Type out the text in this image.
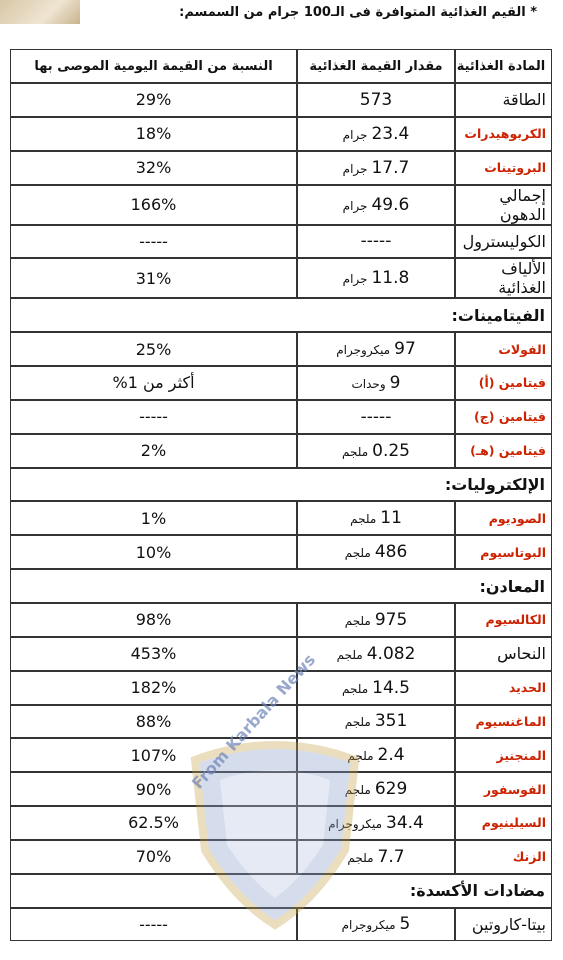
* القيم الغذائية المتوافرة فى الـ100 جرام من السمسم:
المادة الغذائية	مقدار القيمة الغذائية	النسبة من القيمة اليومية الموصى بها
الطاقة	573	29%
الكربوهيدرات	23.4جرام	18%
البروتينات	17.7جرام	32%
إجمالي الدهون	49.6جرام	166%
الكوليسترول	-----	-----
الألياف الغذائية	11.8جرام	31%
الفيتامينات:		
الفولات	97ميكروجرام	25%
فيتامين (أ)	9وحدات	أكثر من 1%
فيتامين (ج)	-----	-----
فيتامين (هـ)	0.25ملجم	2%
الإلكتروليات:		
الصوديوم	11ملجم	1%
البوتاسيوم	486ملجم	10%
المعادن:		
الكالسيوم	975ملجم	98%
النحاس	4.082ملجم	453%
الحديد	14.5ملجم	182%
الماغنسيوم	351ملجم	88%
المنجنيز	2.4ملجم	107%
الفوسفور	629ملجم	90%
السيلينيوم	34.4ميكروجرام	62.5%
الزنك	7.7ملجم	70%
مضادات الأكسدة:		
بيتا-كاروتين	5ميكروجرام	-----
From Karbala News
